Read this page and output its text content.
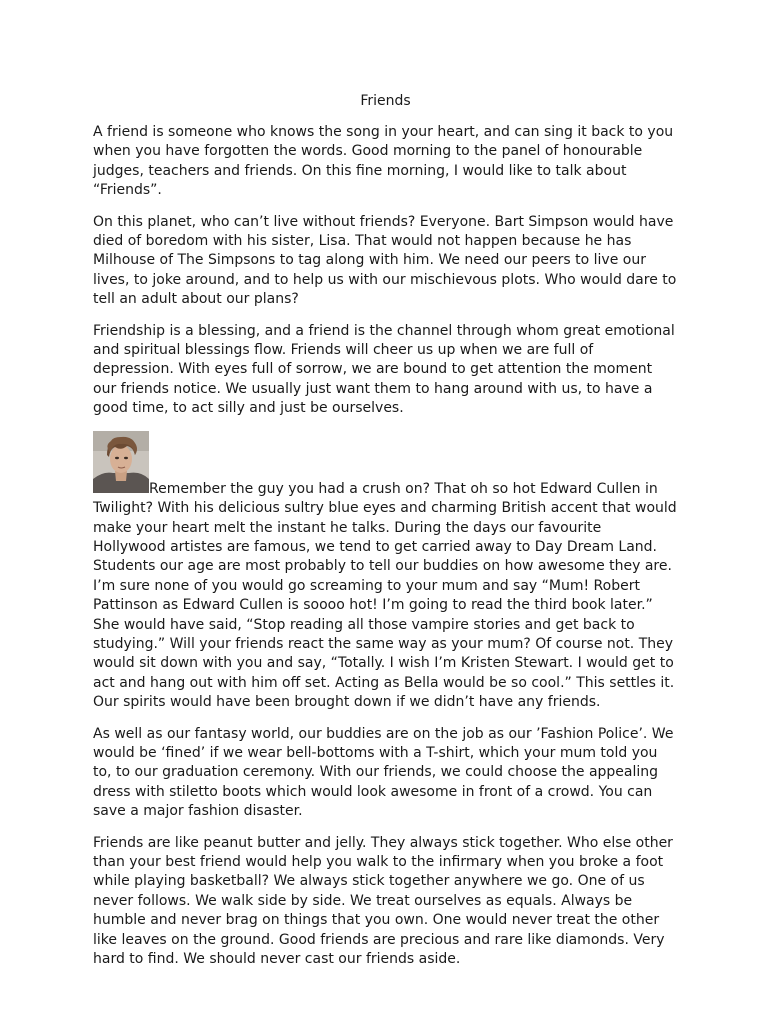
Friends

A friend is someone who knows the song in your heart, and can sing it back to you when you have forgotten the words. Good morning to the panel of honourable judges, teachers and friends. On this fine morning, I would like to talk about “Friends”.

On this planet, who can’t live without friends? Everyone. Bart Simpson would have died of boredom with his sister, Lisa. That would not happen because he has Milhouse of The Simpsons to tag along with him. We need our peers to live our lives, to joke around, and to help us with our mischievous plots. Who would dare to tell an adult about our plans?

Friendship is a blessing, and a friend is the channel through whom great emotional and spiritual blessings flow. Friends will cheer us up when we are full of depression. With eyes full of sorrow, we are bound to get attention the moment our friends notice. We usually just want them to hang around with us, to have a good time, to act silly and just be ourselves.

Remember the guy you had a crush on? That oh so hot Edward Cullen in Twilight? With his delicious sultry blue eyes and charming British accent that would make your heart melt the instant he talks. During the days our favourite Hollywood artistes are famous, we tend to get carried away to Day Dream Land. Students our age are most probably to tell our buddies on how awesome they are. I’m sure none of you would go screaming to your mum and say “Mum! Robert Pattinson as Edward Cullen is soooo hot! I’m going to read the third book later.” She would have said, “Stop reading all those vampire stories and get back to studying.” Will your friends react the same way as your mum? Of course not. They would sit down with you and say, “Totally. I wish I’m Kristen Stewart. I would get to act and hang out with him off set. Acting as Bella would be so cool.” This settles it. Our spirits would have been brought down if we didn’t have any friends.

As well as our fantasy world, our buddies are on the job as our ’Fashion Police’. We would be ‘fined’ if we wear bell-bottoms with a T-shirt, which your mum told you to, to our graduation ceremony. With our friends, we could choose the appealing dress with stiletto boots which would look awesome in front of a crowd. You can save a major fashion disaster.

Friends are like peanut butter and jelly. They always stick together. Who else other than your best friend would help you walk to the infirmary when you broke a foot while playing basketball? We always stick together anywhere we go. One of us never follows. We walk side by side. We treat ourselves as equals. Always be humble and never brag on things that you own. One would never treat the other like leaves on the ground. Good friends are precious and rare like diamonds. Very hard to find. We should never cast our friends aside.
